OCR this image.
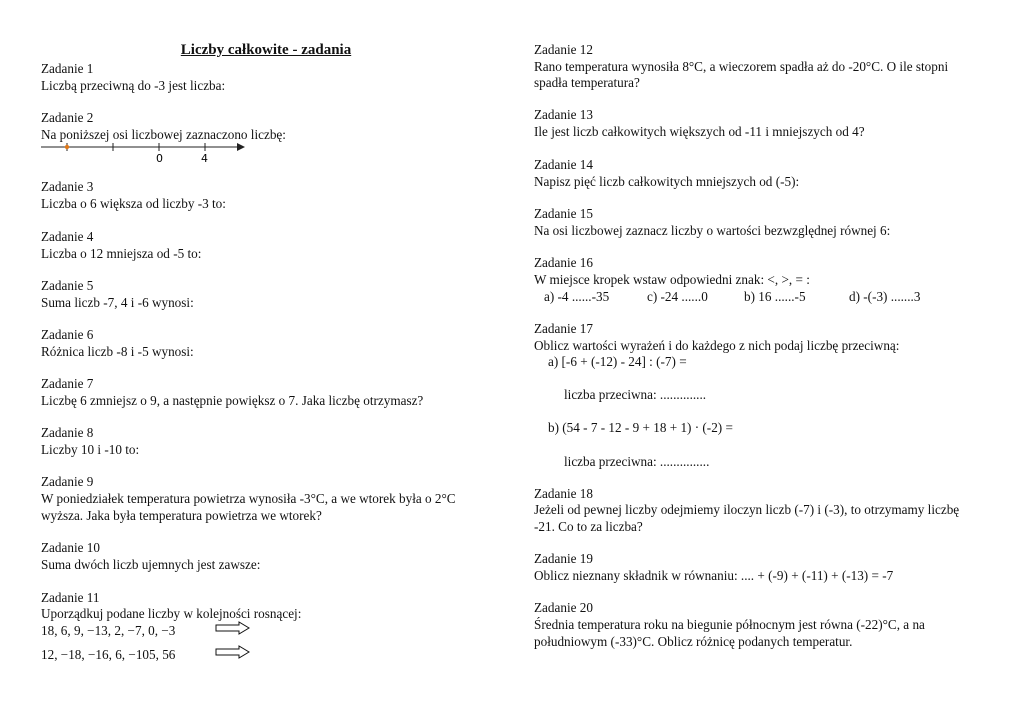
Liczby całkowite - zadania
Zadanie 1
Liczbą przeciwną do -3 jest liczba:
Zadanie 2
Na poniższej osi liczbowej zaznaczono liczbę:
0	4
Zadanie 3
Liczba o 6 większa od liczby -3 to:
Zadanie 4
Liczba o 12 mniejsza od -5 to:
Zadanie 5
Suma liczb -7, 4 i -6 wynosi:
Zadanie 6
Różnica liczb -8 i -5 wynosi:
Zadanie 7
Liczbę 6 zmniejsz o 9, a następnie powiększ o 7. Jaka liczbę otrzymasz?
Zadanie 8
Liczby 10 i -10 to:
Zadanie 9
W poniedziałek temperatura powietrza wynosiła -3°C, a we wtorek była o 2°C
wyższa. Jaka była temperatura powietrza we wtorek?
Zadanie 10
Suma dwóch liczb ujemnych jest zawsze:
Zadanie 11
Uporządkuj podane liczby w kolejności rosnącej:
18, 6, 9, −13, 2, −7, 0, −3
12, −18, −16, 6, −105, 56
Zadanie 12
Rano temperatura wynosiła 8°C, a wieczorem spadła aż do -20°C. O ile stopni
spadła temperatura?
Zadanie 13
Ile jest liczb całkowitych większych od -11 i mniejszych od 4?
Zadanie 14
Napisz pięć liczb całkowitych mniejszych od (-5):
Zadanie 15
Na osi liczbowej zaznacz liczby o wartości bezwzględnej równej 6:
Zadanie 16
W miejsce kropek wstaw odpowiedni znak: <, >, = :
a) -4 ......-35	c) -24 ......0	b) 16 ......-5	d) -(-3) .......3
Zadanie 17
Oblicz wartości wyrażeń i do każdego z nich podaj liczbę przeciwną:
a) [-6 + (-12) - 24] : (-7) =
liczba przeciwna: ..............
b) (54 - 7 - 12 - 9 + 18 + 1) · (-2) =
liczba przeciwna: ...............
Zadanie 18
Jeżeli od pewnej liczby odejmiemy iloczyn liczb (-7) i (-3), to otrzymamy liczbę
-21. Co to za liczba?
Zadanie 19
Oblicz nieznany składnik w równaniu: .... + (-9) + (-11) + (-13) = -7
Zadanie 20
Średnia temperatura roku na biegunie północnym jest równa (-22)°C, a na
południowym (-33)°C. Oblicz różnicę podanych temperatur.
